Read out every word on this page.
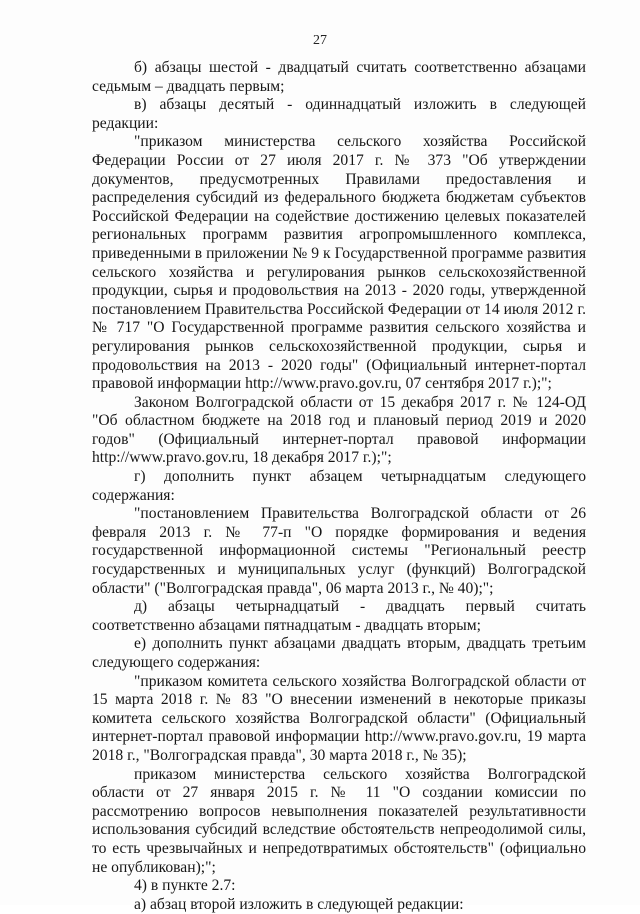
27

б) абзацы шестой - двадцатый считать соответственно абзацами седьмым – двадцать первым;

в) абзацы десятый - одиннадцатый изложить в следующей редакции:

"приказом министерства сельского хозяйства Российской Федерации России от 27 июля 2017 г. № 373 "Об утверждении документов, предусмотренных Правилами предоставления и распределения субсидий из федерального бюджета бюджетам субъектов Российской Федерации на содействие достижению целевых показателей региональных программ развития агропромышленного комплекса, приведенными в приложении № 9 к Государственной программе развития сельского хозяйства и регулирования рынков сельскохозяйственной продукции, сырья и продовольствия на 2013 - 2020 годы, утвержденной постановлением Правительства Российской Федерации от 14 июля 2012 г. № 717 "О Государственной программе развития сельского хозяйства и регулирования рынков сельскохозяйственной продукции, сырья и продовольствия на 2013 - 2020 годы" (Официальный интернет-портал правовой информации http://www.pravo.gov.ru, 07 сентября 2017 г.);";

Законом Волгоградской области от 15 декабря 2017 г. № 124-ОД "Об областном бюджете на 2018 год и плановый период 2019 и 2020 годов" (Официальный интернет-портал правовой информации http://www.pravo.gov.ru, 18 декабря 2017 г.);";

г) дополнить пункт абзацем четырнадцатым следующего содержания:

"постановлением Правительства Волгоградской области от 26 февраля 2013 г. № 77-п "О порядке формирования и ведения государственной информационной системы "Региональный реестр государственных и муниципальных услуг (функций) Волгоградской области" ("Волгоградская правда", 06 марта 2013 г., № 40);";

д) абзацы четырнадцатый - двадцать первый считать соответственно абзацами пятнадцатым - двадцать вторым;

е) дополнить пункт абзацами двадцать вторым, двадцать третьим следующего содержания:

"приказом комитета сельского хозяйства Волгоградской области от 15 марта 2018 г. № 83 "О внесении изменений в некоторые приказы комитета сельского хозяйства Волгоградской области" (Официальный интернет-портал правовой информации http://www.pravo.gov.ru, 19 марта 2018 г., "Волгоградская правда", 30 марта 2018 г., № 35);

приказом министерства сельского хозяйства Волгоградской области от 27 января 2015 г. № 11 "О создании комиссии по рассмотрению вопросов невыполнения показателей результативности использования субсидий вследствие обстоятельств непреодолимой силы, то есть чрезвычайных и непредотвратимых обстоятельств" (официально не опубликован);";

4) в пункте 2.7:

а) абзац второй изложить в следующей редакции:
